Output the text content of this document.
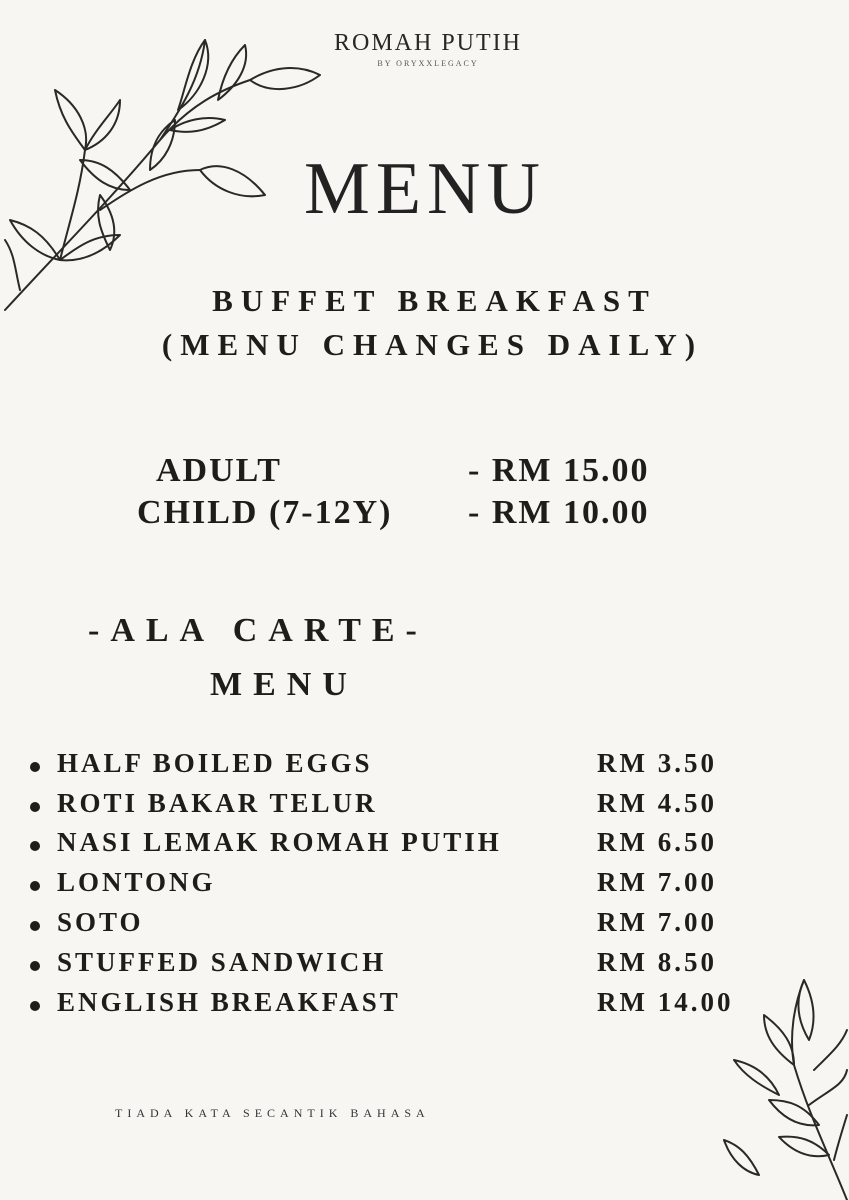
ROMAH PUTIH
BY ORYXXLEGACY
MENU
BUFFET BREAKFAST
(MENU CHANGES DAILY)
ADULT	- RM 15.00
CHILD (7-12Y) - RM 10.00
-ALA CARTE-
MENU
HALF BOILED EGGS	RM 3.50
ROTI BAKAR TELUR	RM 4.50
NASI LEMAK ROMAH PUTIH	RM 6.50
LONTONG	RM 7.00
SOTO	RM 7.00
STUFFED SANDWICH	RM 8.50
ENGLISH BREAKFAST	RM 14.00
TIADA KATA SECANTIK BAHASA
